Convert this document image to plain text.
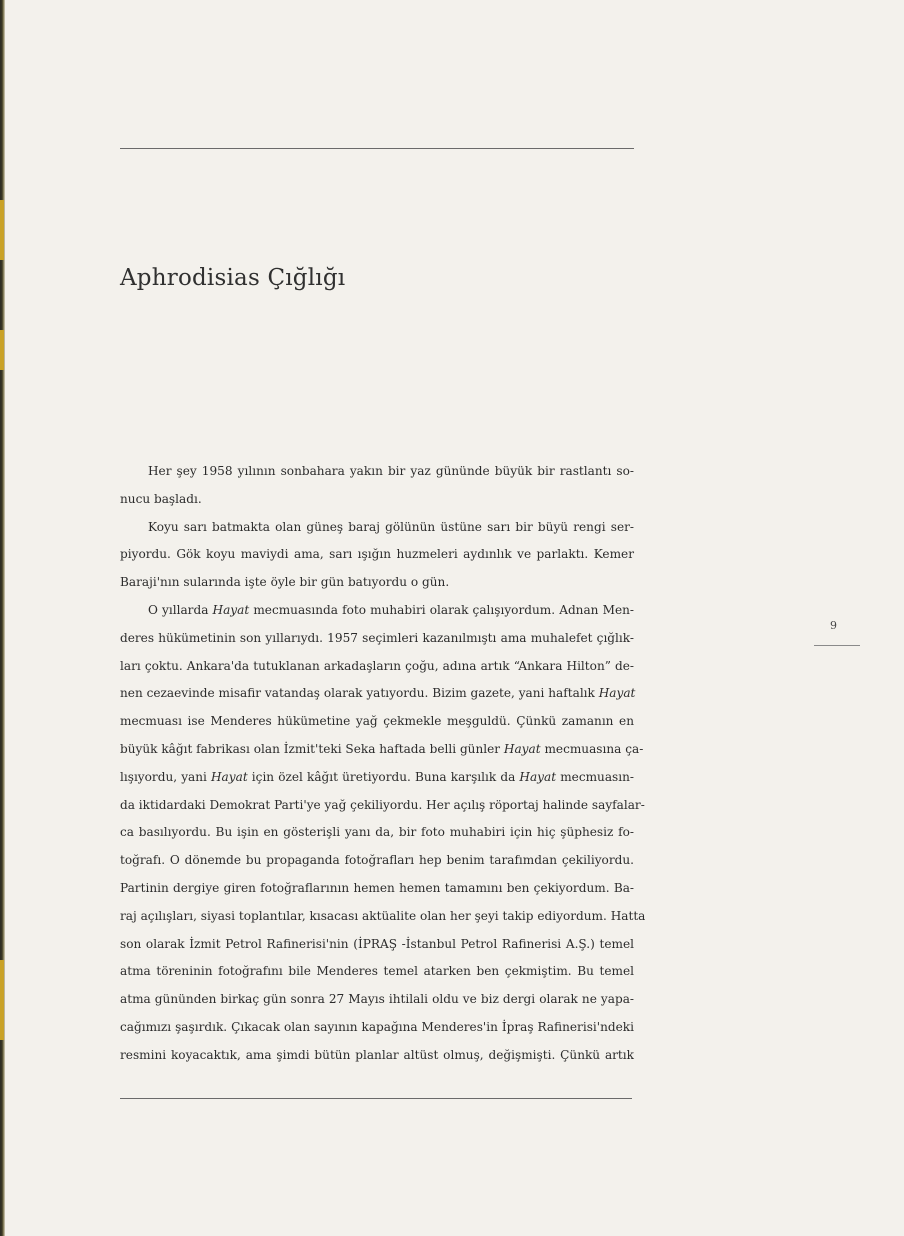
Aphrodisias Çığlığı
Her şey 1958 yılının sonbahara yakın bir yaz gününde büyük bir rastlantı so-
nucu başladı.
Koyu sarı batmakta olan güneş baraj gölünün üstüne sarı bir büyü rengi ser-
piyordu. Gök koyu maviydi ama, sarı ışığın huzmeleri aydınlık ve parlaktı. Kemer
Baraji'nın sularında işte öyle bir gün batıyordu o gün.
O yıllarda Hayat mecmuasında foto muhabiri olarak çalışıyordum. Adnan Men-
deres hükümetinin son yıllarıydı. 1957 seçimleri kazanılmıştı ama muhalefet çığlık-
ları çoktu. Ankara'da tutuklanan arkadaşların çoğu, adına artık “Ankara Hilton” de-
nen cezaevinde misafir vatandaş olarak yatıyordu. Bizim gazete, yani haftalık Hayat
mecmuası ise Menderes hükümetine yağ çekmekle meşguldü. Çünkü zamanın en
büyük kâğıt fabrikası olan İzmit'teki Seka haftada belli günler Hayat mecmuasına ça-
lışıyordu, yani Hayat için özel kâğıt üretiyordu. Buna karşılık da Hayat mecmuasın-
da iktidardaki Demokrat Parti'ye yağ çekiliyordu. Her açılış röportaj halinde sayfalar-
ca basılıyordu. Bu işin en gösterişli yanı da, bir foto muhabiri için hiç şüphesiz fo-
toğrafı. O dönemde bu propaganda fotoğrafları hep benim tarafımdan çekiliyordu.
Partinin dergiye giren fotoğraflarının hemen hemen tamamını ben çekiyordum. Ba-
raj açılışları, siyasi toplantılar, kısacası aktüalite olan her şeyi takip ediyordum. Hatta
son olarak İzmit Petrol Rafinerisi'nin (İPRAŞ -İstanbul Petrol Rafinerisi A.Ş.) temel
atma töreninin fotoğrafını bile Menderes temel atarken ben çekmiştim. Bu temel
atma gününden birkaç gün sonra 27 Mayıs ihtilali oldu ve biz dergi olarak ne yapa-
cağımızı şaşırdık. Çıkacak olan sayının kapağına Menderes'in İpraş Rafinerisi'ndeki
resmini koyacaktık, ama şimdi bütün planlar altüst olmuş, değişmişti. Çünkü artık
9
